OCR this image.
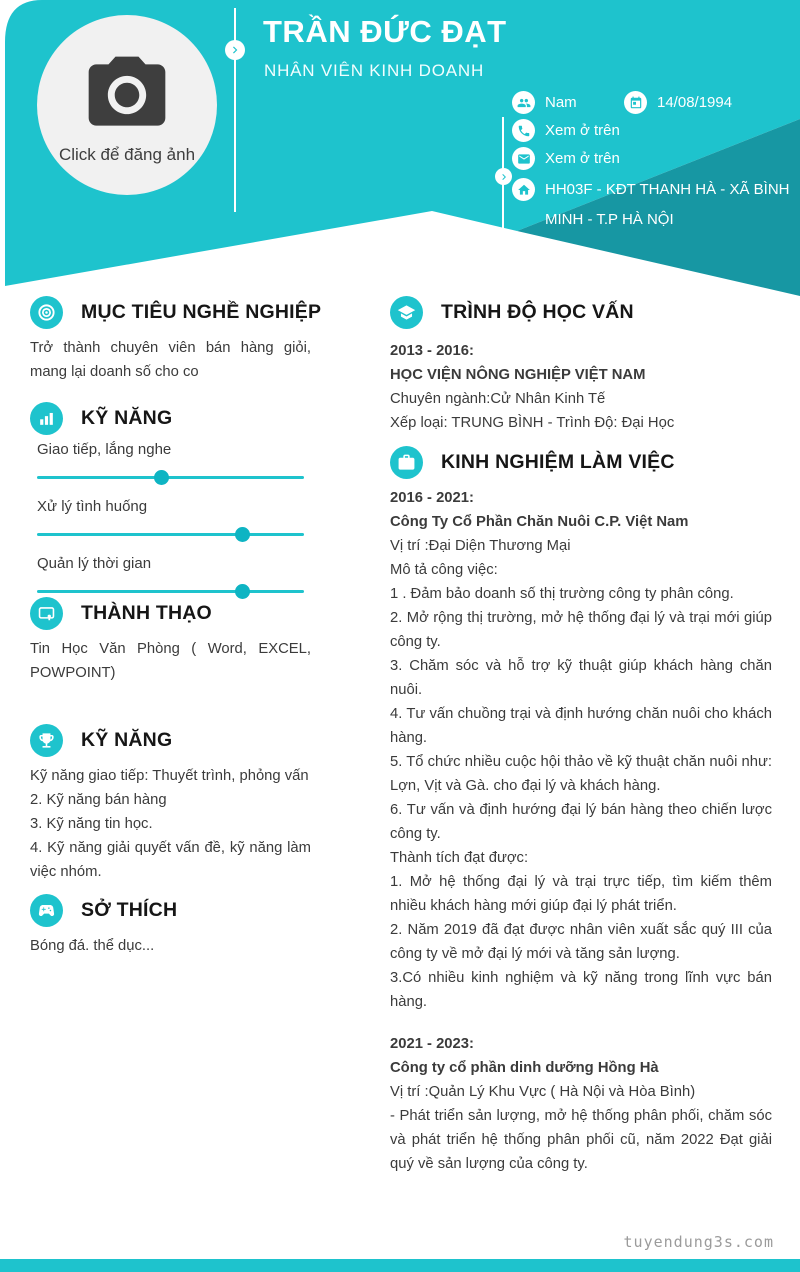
Click để đăng ảnh
TRẦN ĐỨC ĐẠT
NHÂN VIÊN KINH DOANH
Nam	14/08/1994
Xem ở trên
Xem ở trên
HH03F - KĐT THANH HÀ - XÃ BÌNH MINH - T.P HÀ NỘI
MỤC TIÊU NGHỀ NGHIỆP

Trở thành chuyên viên bán hàng giỏi, mang lại doanh số cho co

KỸ NĂNG
Giao tiếp, lắng nghe
Xử lý tình huống
Quản lý thời gian
THÀNH THẠO

Tin Học Văn Phòng ( Word, EXCEL, POWPOINT)

KỸ NĂNG

Kỹ năng giao tiếp: Thuyết trình, phỏng vấn

2. Kỹ năng bán hàng

3. Kỹ năng tin học.

4. Kỹ năng giải quyết vấn đề, kỹ năng làm việc nhóm.

SỞ THÍCH

Bóng đá. thể dục...

TRÌNH ĐỘ HỌC VẤN

2013 - 2016:

HỌC VIỆN NÔNG NGHIỆP VIỆT NAM

Chuyên ngành:Cử Nhân Kinh Tế

Xếp loại: TRUNG BÌNH - Trình Độ: Đại Học

KINH NGHIỆM LÀM VIỆC

2016 - 2021:

Công Ty Cổ Phần Chăn Nuôi C.P. Việt Nam

Vị trí :Đại Diện Thương Mại

Mô tả công việc:

1 . Đảm bảo doanh số thị trường công ty phân công.

2. Mở rộng thị trường, mở hệ thống đại lý và trại mới giúp công ty.

3. Chăm sóc và hỗ trợ kỹ thuật giúp khách hàng chăn nuôi.

4. Tư vấn chuồng trại và định hướng chăn nuôi cho khách hàng.

5. Tổ chức nhiều cuộc hội thảo về kỹ thuật chăn nuôi như: Lợn, Vịt và Gà. cho đại lý và khách hàng.

6. Tư vấn và định hướng đại lý bán hàng theo chiến lược công ty.

Thành tích đạt được:

1. Mở hệ thống đại lý và trại trực tiếp, tìm kiếm thêm nhiều khách hàng mới giúp đại lý phát triển.

2. Năm 2019 đã đạt được nhân viên xuất sắc quý III của công ty về mở đại lý mới và tăng sản lượng.

3.Có nhiều kinh nghiệm và kỹ năng trong lĩnh vực bán hàng.

2021 - 2023:

Công ty cổ phần dinh dưỡng Hồng Hà

Vị trí :Quản Lý Khu Vực ( Hà Nội và Hòa Bình)

- Phát triển sản lượng, mở hệ thống phân phối, chăm sóc và phát triển hệ thống phân phối cũ, năm 2022 Đạt giải quý về sản lượng của công ty.

tuyendung3s.com
